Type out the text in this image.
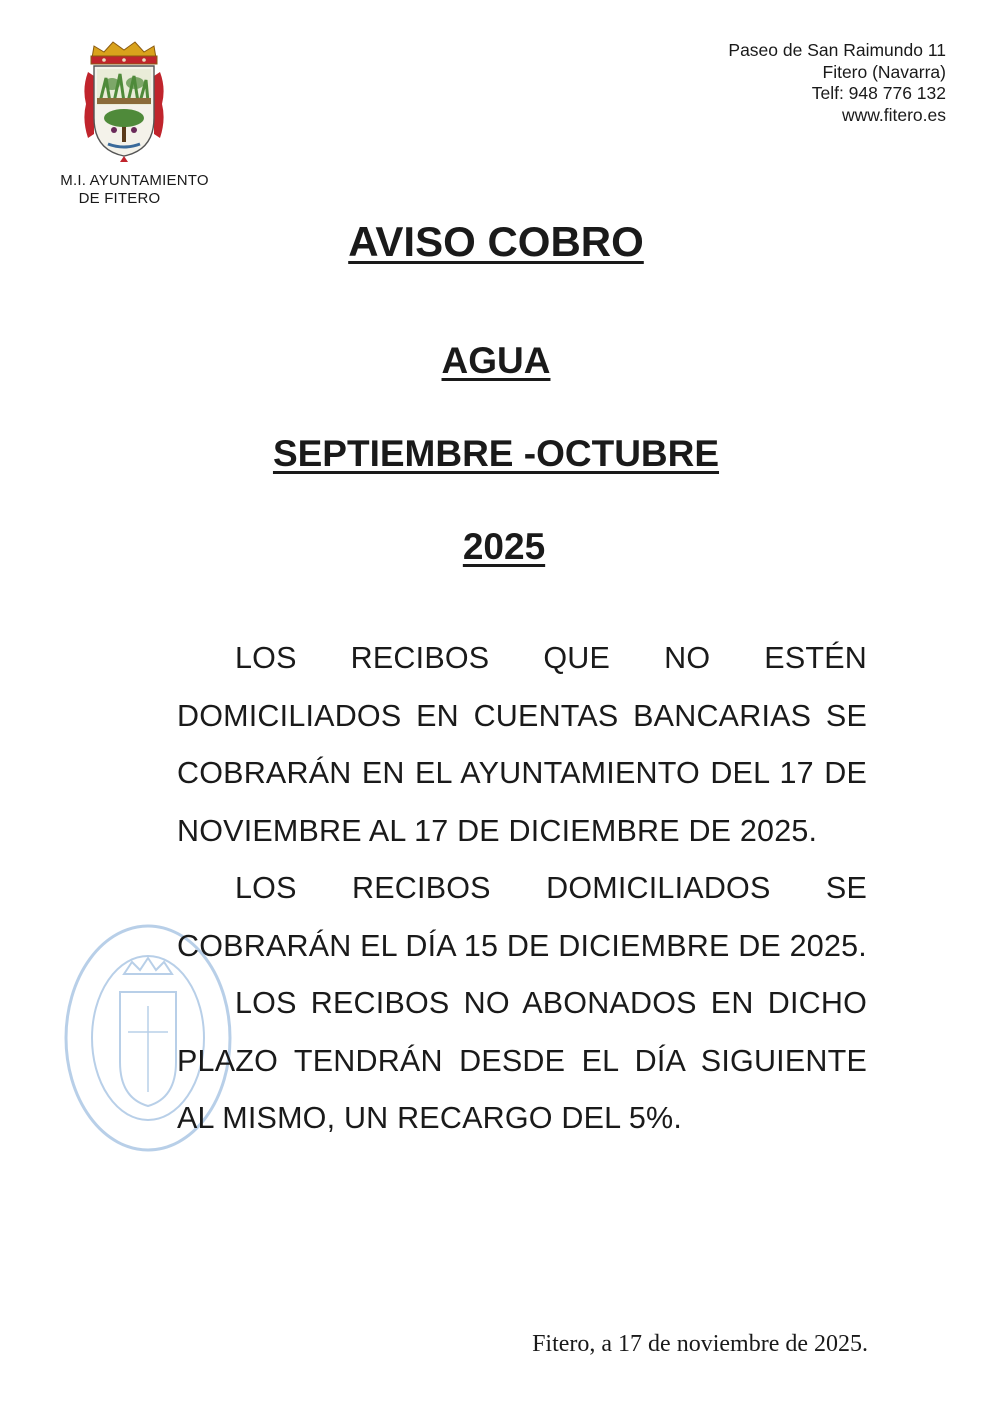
M.I. AYUNTAMIENTO
DE FITERO
Paseo de San Raimundo 11
Fitero (Navarra)
Telf: 948 776 132
www.fitero.es
AVISO COBRO
AGUA
SEPTIEMBRE -OCTUBRE
2025

LOS RECIBOS QUE NO ESTÉN DOMICILIADOS EN CUENTAS BANCARIAS SE COBRARÁN EN EL AYUNTAMIENTO DEL 17 DE NOVIEMBRE AL 17 DE DICIEMBRE DE 2025.

LOS RECIBOS DOMICILIADOS SE COBRARÁN EL DÍA 15 DE DICIEMBRE DE 2025.

LOS RECIBOS NO ABONADOS EN DICHO PLAZO TENDRÁN DESDE EL DÍA SIGUIENTE AL MISMO, UN RECARGO DEL 5%.

Fitero, a 17 de noviembre de 2025.
